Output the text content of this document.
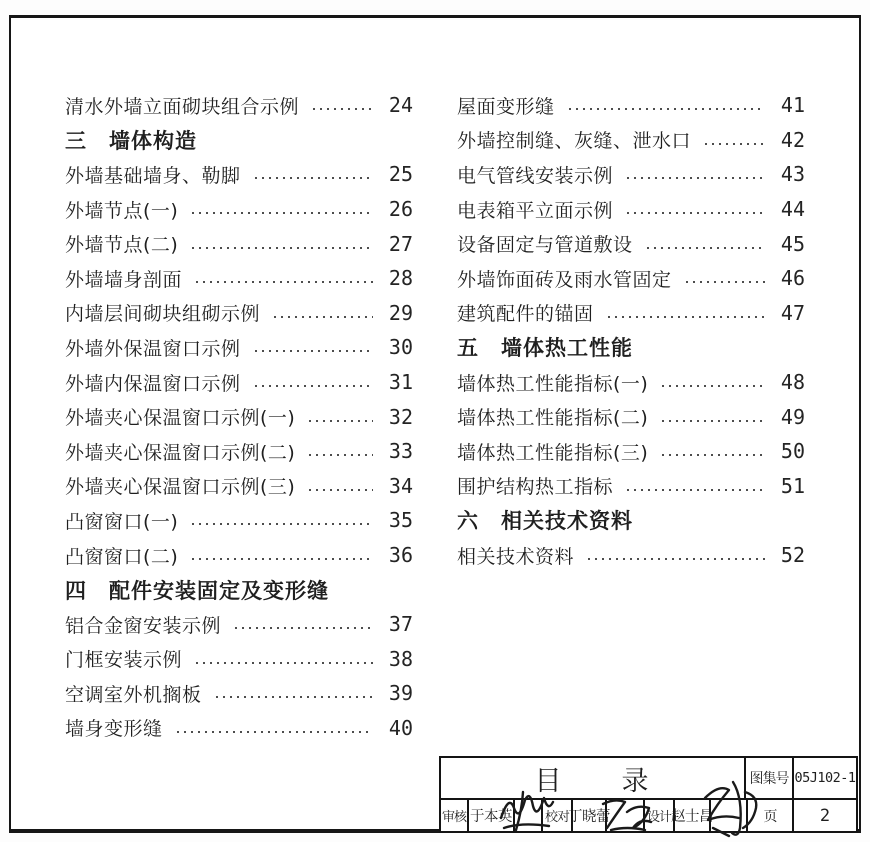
清水外墙立面砌块组合示例	24
三　墙体构造
外墙基础墙身、勒脚	25
外墙节点(一)	26
外墙节点(二)	27
外墙墙身剖面	28
内墙层间砌块组砌示例	29
外墙外保温窗口示例	30
外墙内保温窗口示例	31
外墙夹心保温窗口示例(一)	32
外墙夹心保温窗口示例(二)	33
外墙夹心保温窗口示例(三)	34
凸窗窗口(一)	35
凸窗窗口(二)	36
四　配件安装固定及变形缝
铝合金窗安装示例	37
门框安装示例	38
空调室外机搁板	39
墙身变形缝	40
屋面变形缝	41
外墙控制缝、灰缝、泄水口	42
电气管线安装示例	43
电表箱平立面示例	44
设备固定与管道敷设	45
外墙饰面砖及雨水管固定	46
建筑配件的锚固	47
五　墙体热工性能
墙体热工性能指标(一)	48
墙体热工性能指标(二)	49
墙体热工性能指标(三)	50
围护结构热工指标	51
六　相关技术资料
相关技术资料	52
目　　录	图集号 05J102-1
审核 于本英	校对 丁晓蕾	设计 赵士昌	页	2
